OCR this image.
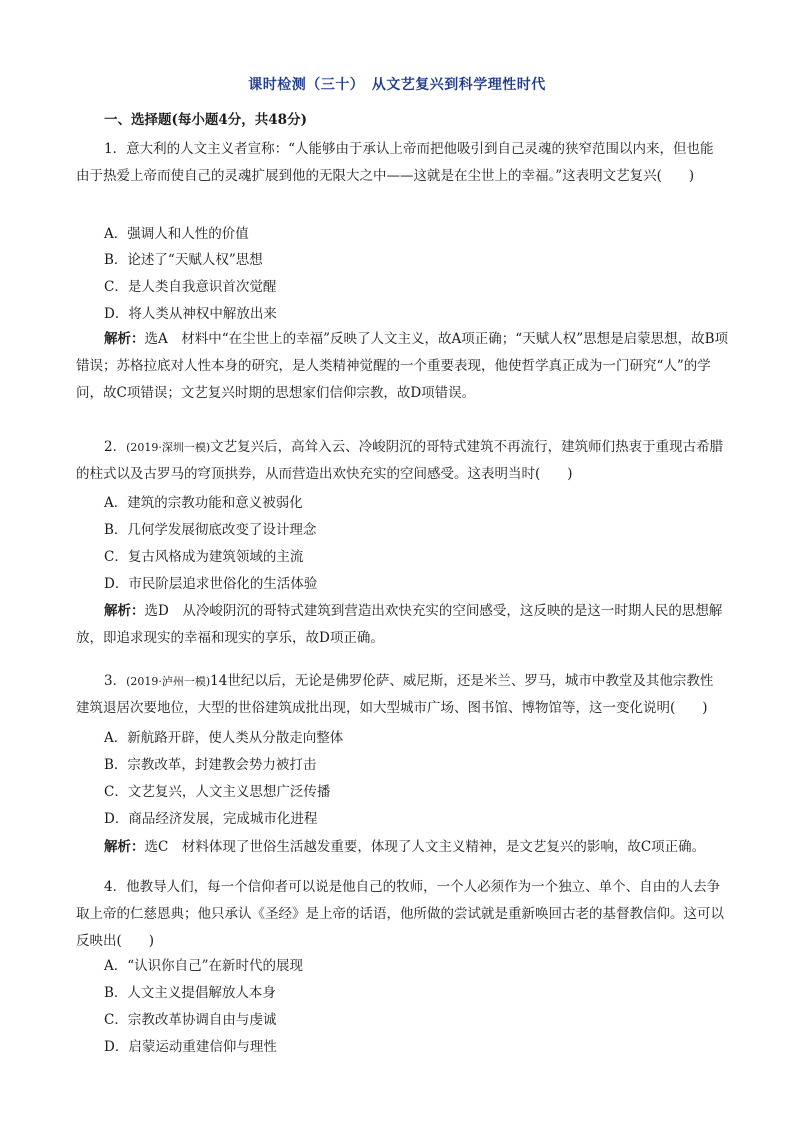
课时检测（三十）　从文艺复兴到科学理性时代
一、选择题(每小题4分，共48分)

1．意大利的人文主义者宣称：“人能够由于承认上帝而把他吸引到自己灵魂的狭窄范围以内来，但也能由于热爱上帝而使自己的灵魂扩展到他的无限大之中——这就是在尘世上的幸福。”这表明文艺复兴(　　)

A．强调人和人性的价值
B．论述了“天赋人权”思想
C．是人类自我意识首次觉醒
D．将人类从神权中解放出来

解析：选A　材料中“在尘世上的幸福”反映了人文主义，故A项正确；“天赋人权”思想是启蒙思想，故B项错误；苏格拉底对人性本身的研究，是人类精神觉醒的一个重要表现，他使哲学真正成为一门研究“人”的学问，故C项错误；文艺复兴时期的思想家们信仰宗教，故D项错误。

2．(2019·深圳一模)文艺复兴后，高耸入云、冷峻阴沉的哥特式建筑不再流行，建筑师们热衷于重现古希腊的柱式以及古罗马的穹顶拱券，从而营造出欢快充实的空间感受。这表明当时(　　)

A．建筑的宗教功能和意义被弱化
B．几何学发展彻底改变了设计理念
C．复古风格成为建筑领域的主流
D．市民阶层追求世俗化的生活体验

解析：选D　从冷峻阴沉的哥特式建筑到营造出欢快充实的空间感受，这反映的是这一时期人民的思想解放，即追求现实的幸福和现实的享乐，故D项正确。

3．(2019·泸州一模)14世纪以后，无论是佛罗伦萨、威尼斯，还是米兰、罗马，城市中教堂及其他宗教性建筑退居次要地位，大型的世俗建筑成批出现，如大型城市广场、图书馆、博物馆等，这一变化说明(　　)

A．新航路开辟，使人类从分散走向整体
B．宗教改革，封建教会势力被打击
C．文艺复兴，人文主义思想广泛传播
D．商品经济发展，完成城市化进程

解析：选C　材料体现了世俗生活越发重要，体现了人文主义精神，是文艺复兴的影响，故C项正确。

4．他教导人们，每一个信仰者可以说是他自己的牧师，一个人必须作为一个独立、单个、自由的人去争取上帝的仁慈恩典；他只承认《圣经》是上帝的话语，他所做的尝试就是重新唤回古老的基督教信仰。这可以反映出(　　)

A．“认识你自己”在新时代的展现
B．人文主义提倡解放人本身
C．宗教改革协调自由与虔诚
D．启蒙运动重建信仰与理性
